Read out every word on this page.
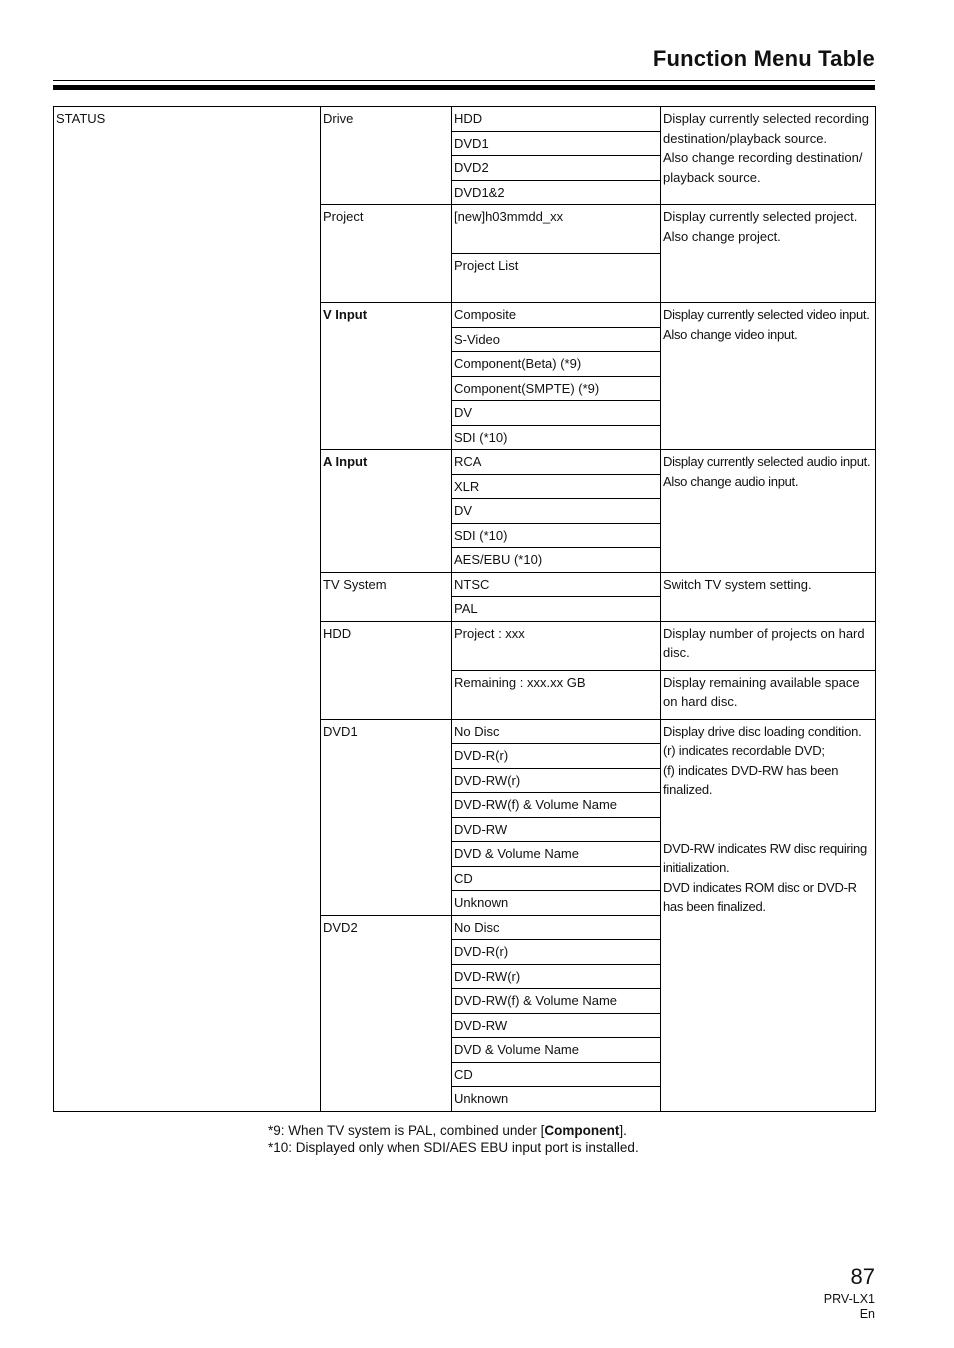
Function Menu Table
STATUS	Drive	HDD	Display currently selected recording destination/playback source.
Also change recording destination/ playback source.
		DVD1	
		DVD2	
		DVD1&2	
	Project	[new]h03mmdd_xx	Display currently selected project.
Also change project.
		Project List	
	V Input	Composite	Display currently selected video input.
Also change video input.
		S-Video	
		Component(Beta) (*9)	
		Component(SMPTE) (*9)	
		DV	
		SDI (*10)	
	A Input	RCA	Display currently selected audio input.
Also change audio input.
		XLR	
		DV	
		SDI (*10)	
		AES/EBU (*10)	
	TV System	NTSC	Switch TV system setting.
		PAL	
	HDD	Project : xxx	Display number of projects on hard disc.
		Remaining : xxx.xx GB	Display remaining available space on hard disc.
	DVD1	No Disc	Display drive disc loading condition.
(r) indicates recordable DVD;
(f) indicates DVD-RW has been finalized.
DVD-RW indicates RW disc requiring initialization.
DVD indicates ROM disc or DVD-R has been finalized.
		DVD-R(r)	
		DVD-RW(r)	
		DVD-RW(f) & Volume Name	
		DVD-RW	
		DVD & Volume Name	
		CD	
		Unknown	
	DVD2	No Disc	
		DVD-R(r)	
		DVD-RW(r)	
		DVD-RW(f) & Volume Name	
		DVD-RW	
		DVD & Volume Name	
		CD	
		Unknown	
*9: When TV system is PAL, combined under [Component].
*10: Displayed only when SDI/AES EBU input port is installed.
87
PRV-LX1
En
